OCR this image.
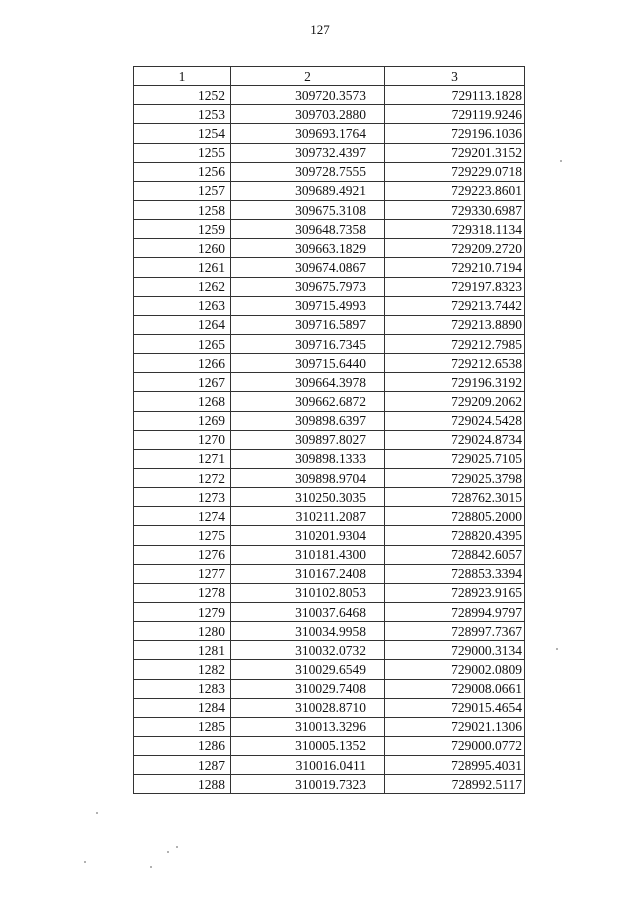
127
1	2	3
1252	309720.3573	729113.1828
1253	309703.2880	729119.9246
1254	309693.1764	729196.1036
1255	309732.4397	729201.3152
1256	309728.7555	729229.0718
1257	309689.4921	729223.8601
1258	309675.3108	729330.6987
1259	309648.7358	729318.1134
1260	309663.1829	729209.2720
1261	309674.0867	729210.7194
1262	309675.7973	729197.8323
1263	309715.4993	729213.7442
1264	309716.5897	729213.8890
1265	309716.7345	729212.7985
1266	309715.6440	729212.6538
1267	309664.3978	729196.3192
1268	309662.6872	729209.2062
1269	309898.6397	729024.5428
1270	309897.8027	729024.8734
1271	309898.1333	729025.7105
1272	309898.9704	729025.3798
1273	310250.3035	728762.3015
1274	310211.2087	728805.2000
1275	310201.9304	728820.4395
1276	310181.4300	728842.6057
1277	310167.2408	728853.3394
1278	310102.8053	728923.9165
1279	310037.6468	728994.9797
1280	310034.9958	728997.7367
1281	310032.0732	729000.3134
1282	310029.6549	729002.0809
1283	310029.7408	729008.0661
1284	310028.8710	729015.4654
1285	310013.3296	729021.1306
1286	310005.1352	729000.0772
1287	310016.0411	728995.4031
1288	310019.7323	728992.5117
